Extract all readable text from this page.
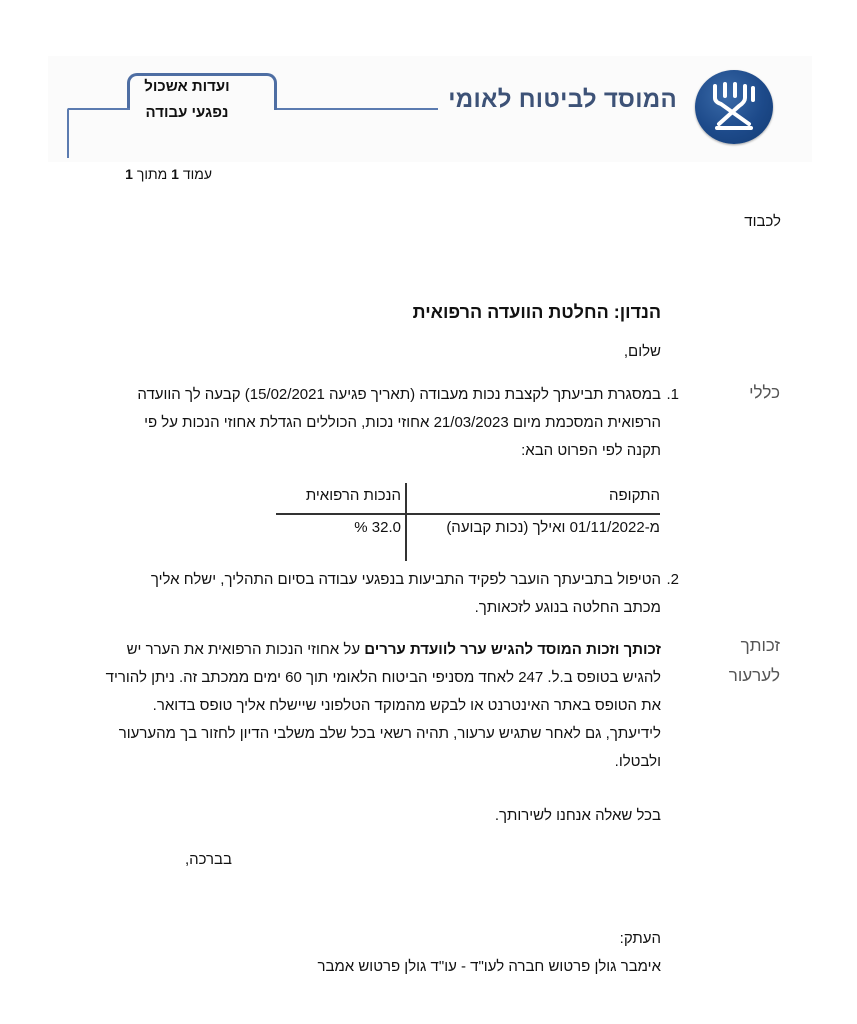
המוסד לביטוח לאומי
ועדות אשכול
נפגעי עבודה
עמוד 1 מתוך 1
לכבוד
הנדון: החלטת הוועדה הרפואית
שלום,
כללי
זכותך
לערעור
1.
במסגרת תביעתך לקצבת נכות מעבודה (תאריך פגיעה 15/02/2021) קבעה לך הוועדה
הרפואית המסכמת מיום 21/03/2023 אחוזי נכות, הכוללים הגדלת אחוזי הנכות על פי
תקנה לפי הפרוט הבא:
התקופה
הנכות הרפואית
מ-01/11/2022 ואילך (נכות קבועה)
32.0 %
2.
הטיפול בתביעתך הועבר לפקיד התביעות בנפגעי עבודה בסיום התהליך, ישלח אליך
מכתב החלטה בנוגע לזכאותך.
זכותך וזכות המוסד להגיש ערר לוועדת עררים על אחוזי הנכות הרפואית את הערר יש
להגיש בטופס ב.ל. 247 לאחד מסניפי הביטוח הלאומי תוך 60 ימים ממכתב זה. ניתן להוריד
את הטופס באתר האינטרנט או לבקש מהמוקד הטלפוני שיישלח אליך טופס בדואר.
לידיעתך, גם לאחר שתגיש ערעור, תהיה רשאי בכל שלב משלבי הדיון לחזור בך מהערעור
ולבטלו.
בכל שאלה אנחנו לשירותך.
בברכה,
העתק:
אימבר גולן פרטוש חברה לעו"ד - עו"ד גולן פרטוש אמבר
